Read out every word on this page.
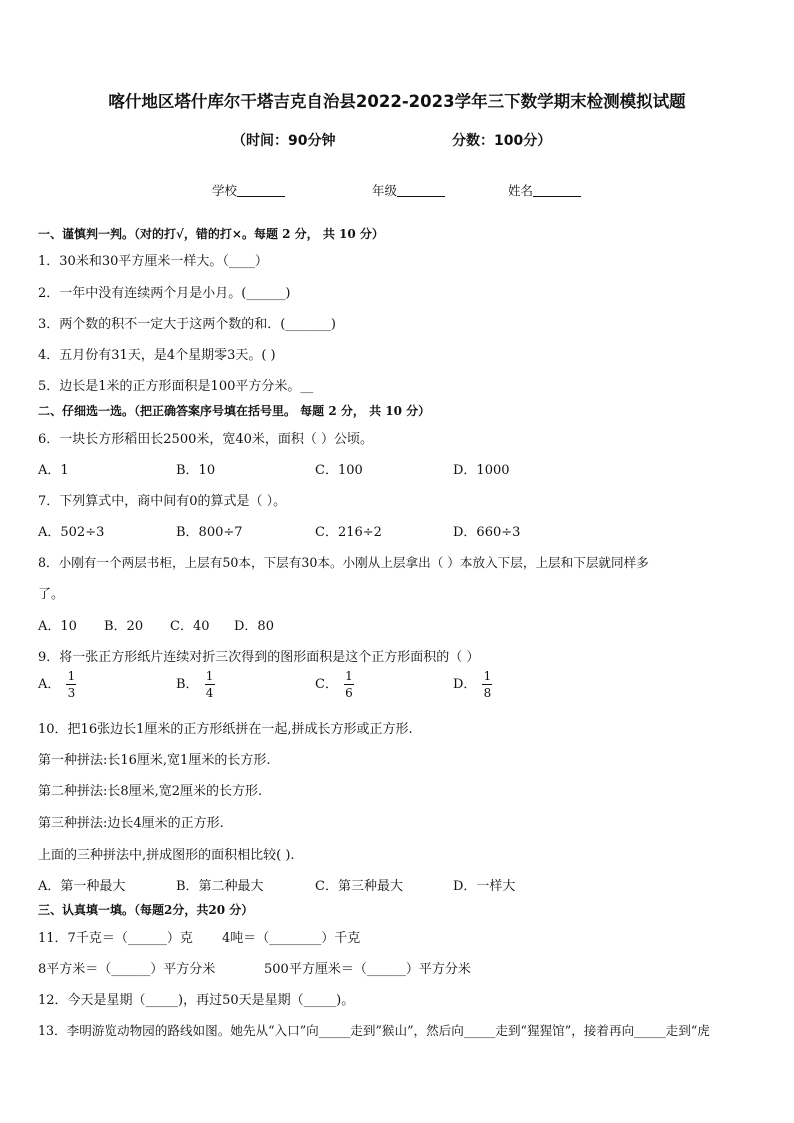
喀什地区塔什库尔干塔吉克自治县2022-2023学年三下数学期末检测模拟试题
（时间：90分钟	分数：100分）
学校	年级	姓名
一、谨慎判一判。（对的打√，错的打×。每题 2 分， 共 10 分）
1．30米和30平方厘米一样大。（____）
2．一年中没有连续两个月是小月。(______)
3．两个数的积不一定大于这两个数的和．(_______)
4．五月份有31天，是4个星期零3天。( )
5．边长是1米的正方形面积是100平方分米。__
二、仔细选一选。（把正确答案序号填在括号里。 每题 2 分， 共 10 分）
6．一块长方形稻田长2500米，宽40米，面积（ ）公顷。
A．1	B．10	C．100	D．1000
7．下列算式中，商中间有0的算式是（ ）。
A．502÷3	B．800÷7	C．216÷2	D．660÷3
8．小刚有一个两层书柜，上层有50本，下层有30本。小刚从上层拿出（ ）本放入下层，上层和下层就同样多
了。
A．10 B．20 C．40 D．80
9．将一张正方形纸片连续对折三次得到的图形面积是这个正方形面积的（ ）
A． $\frac{1}{3}$	B． $\frac{1}{4}$	C． $\frac{1}{6}$	D． $\frac{1}{8}$
10．把16张边长1厘米的正方形纸拼在一起,拼成长方形或正方形.
第一种拼法:长16厘米,宽1厘米的长方形.
第二种拼法:长8厘米,宽2厘米的长方形.
第三种拼法:边长4厘米的正方形.
上面的三种拼法中,拼成图形的面积相比较( ).
A．第一种最大	B．第二种最大	C．第三种最大	D．一样大
三、认真填一填。（每题2分，共20 分）
11．7千克＝（______）克 4吨＝（________）千克
8平方米＝（______）平方分米	500平方厘米＝（______）平方分米
12．今天是星期（_____)，再过50天是星期（_____)。
13．李明游览动物园的路线如图。她先从“入口”向_____走到”猴山”，然后向_____走到“猩猩馆”，接着再向_____走到“虎
